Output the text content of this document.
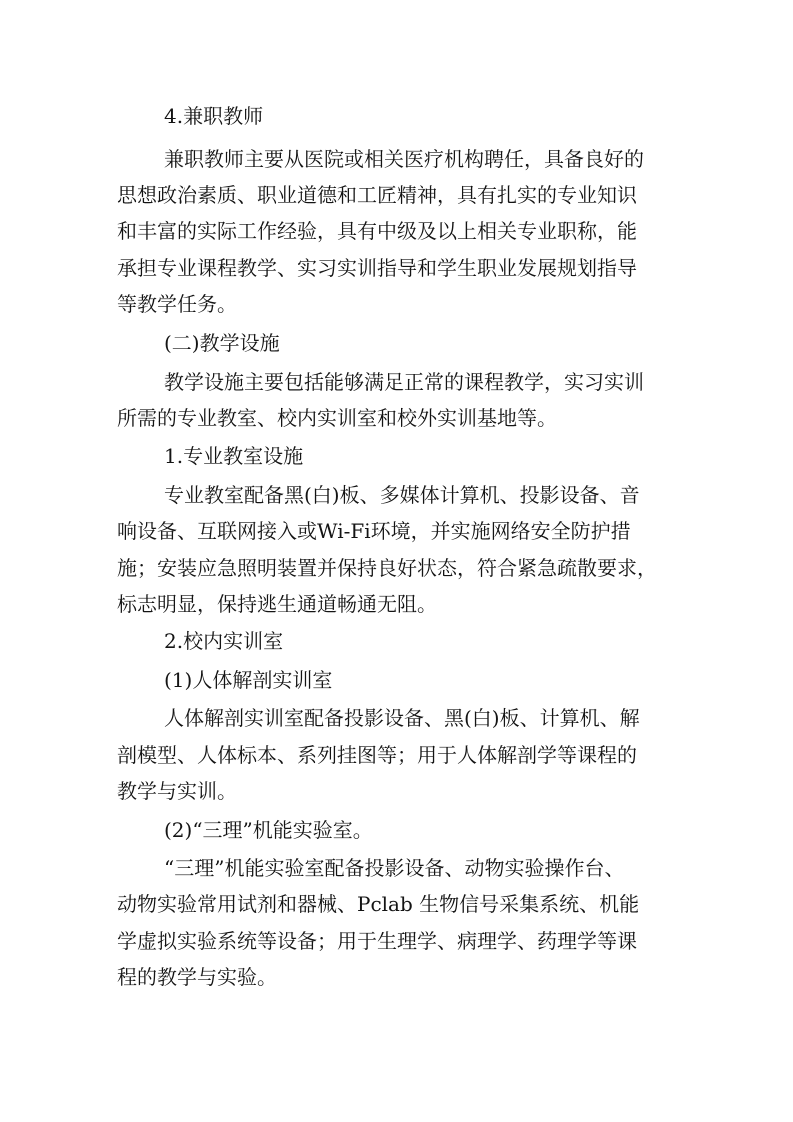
4.兼职教师
兼职教师主要从医院或相关医疗机构聘任，具备良好的
思想政治素质、职业道德和工匠精神，具有扎实的专业知识
和丰富的实际工作经验，具有中级及以上相关专业职称，能
承担专业课程教学、实习实训指导和学生职业发展规划指导
等教学任务。
(二)教学设施
教学设施主要包括能够满足正常的课程教学，实习实训
所需的专业教室、校内实训室和校外实训基地等。
1.专业教室设施
专业教室配备黑(白)板、多媒体计算机、投影设备、音
响设备、互联网接入或Wi-Fi环境，并实施网络安全防护措
施；安装应急照明装置并保持良好状态，符合紧急疏散要求，
标志明显，保持逃生通道畅通无阻。
2.校内实训室
(1)人体解剖实训室
人体解剖实训室配备投影设备、黑(白)板、计算机、解
剖模型、人体标本、系列挂图等；用于人体解剖学等课程的
教学与实训。
(2)“三理”机能实验室。
“三理”机能实验室配备投影设备、动物实验操作台、
动物实验常用试剂和器械、Pclab 生物信号采集系统、机能
学虚拟实验系统等设备；用于生理学、病理学、药理学等课
程的教学与实验。
